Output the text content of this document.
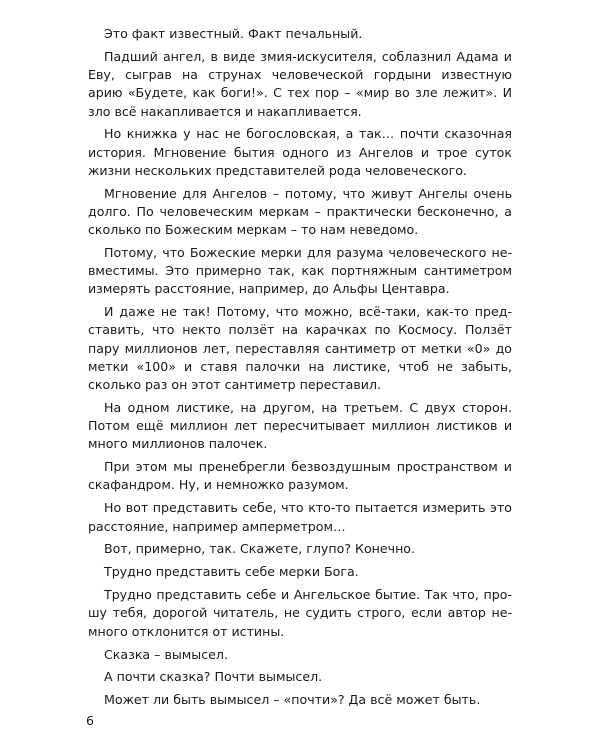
Это факт известный. Факт печальный.

Падший ангел, в виде змия-искусителя, соблазнил Адама и Еву, сыграв на струнах человеческой гордыни известную арию «Будете, как боги!». С тех пор – «мир во зле лежит». И зло всё накапливается и накапливается.

Но книжка у нас не богословская, а так… почти сказочная история. Мгновение бытия одного из Ангелов и трое суток жизни нескольких представителей рода человеческого.

Мгновение для Ангелов – потому, что живут Ангелы очень долго. По человеческим меркам – практически бесконечно, а сколько по Божеским меркам – то нам неведомо.

Потому, что Божеские мерки для разума человеческого невместимы. Это примерно так, как портняжным сантиметром измерять расстояние, например, до Альфы Центавра.

И даже не так! Потому, что можно, всё-таки, как-то представить, что некто ползёт на карачках по Космосу. Ползёт пару миллионов лет, переставляя сантиметр от метки «0» до метки «100» и ставя палочки на листике, чтоб не забыть, сколько раз он этот сантиметр переставил.

На одном листике, на другом, на третьем. С двух сторон. Потом ещё миллион лет пересчитывает миллион листиков и много миллионов палочек.

При этом мы пренебрегли безвоздушным пространством и скафандром. Ну, и немножко разумом.

Но вот представить себе, что кто-то пытается измерить это расстояние, например амперметром…

Вот, примерно, так. Скажете, глупо? Конечно.

Трудно представить себе мерки Бога.

Трудно представить себе и Ангельское бытие. Так что, прошу тебя, дорогой читатель, не судить строго, если автор немного отклонится от истины.

Сказка – вымысел.

А почти сказка? Почти вымысел.

Может ли быть вымысел – «почти»? Да всё может быть.

6
